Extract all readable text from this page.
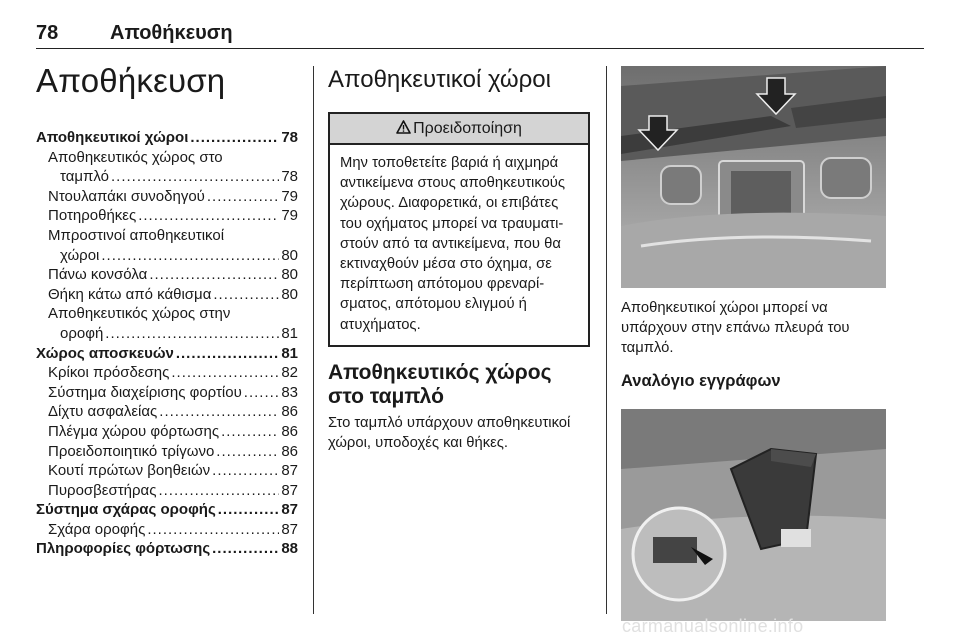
78	Αποθήκευση
Αποθήκευση
Αποθηκευτικοί χώροι .....	78
Αποθηκευτικός χώρος στο
ταμπλό .....	78
Ντουλαπάκι συνοδηγού .....	79
Ποτηροθήκες .....	79
Μπροστινοί αποθηκευτικοί
χώροι .....	80
Πάνω κονσόλα .....	80
Θήκη κάτω από κάθισμα .....	80
Αποθηκευτικός χώρος στην
οροφή .....	81
Χώρος αποσκευών .....	81
Κρίκοι πρόσδεσης .....	82
Σύστημα διαχείρισης φορτίου .....	83
Δίχτυ ασφαλείας .....	86
Πλέγμα χώρου φόρτωσης .....	86
Προειδοποιητικό τρίγωνο .....	86
Κουτί πρώτων βοηθειών .....	87
Πυροσβεστήρας .....	87
Σύστημα σχάρας οροφής .....	87
Σχάρα οροφής .....	87
Πληροφορίες φόρτωσης .....	88
Αποθηκευτικοί χώροι
Προειδοποίηση
Μην τοποθετείτε βαριά ή αιχμηρά αντικείμενα στους αποθηκευτικούς χώρους. Διαφορετικά, οι επιβάτες του οχήματος μπορεί να τραυματι- στούν από τα αντικείμενα, που θα εκτιναχθούν μέσα στο όχημα, σε περίπτωση απότομου φρεναρί- σματος, απότομου ελιγμού ή ατυχήματος.
Αποθηκευτικός χώρος στο ταμπλό

Στο ταμπλό υπάρχουν αποθηκευτικοί χώροι, υποδοχές και θήκες.

Αποθηκευτικοί χώροι μπορεί να υπάρχουν στην επάνω πλευρά του ταμπλό.

Αναλόγιο εγγράφων
carmanualsonline.info
